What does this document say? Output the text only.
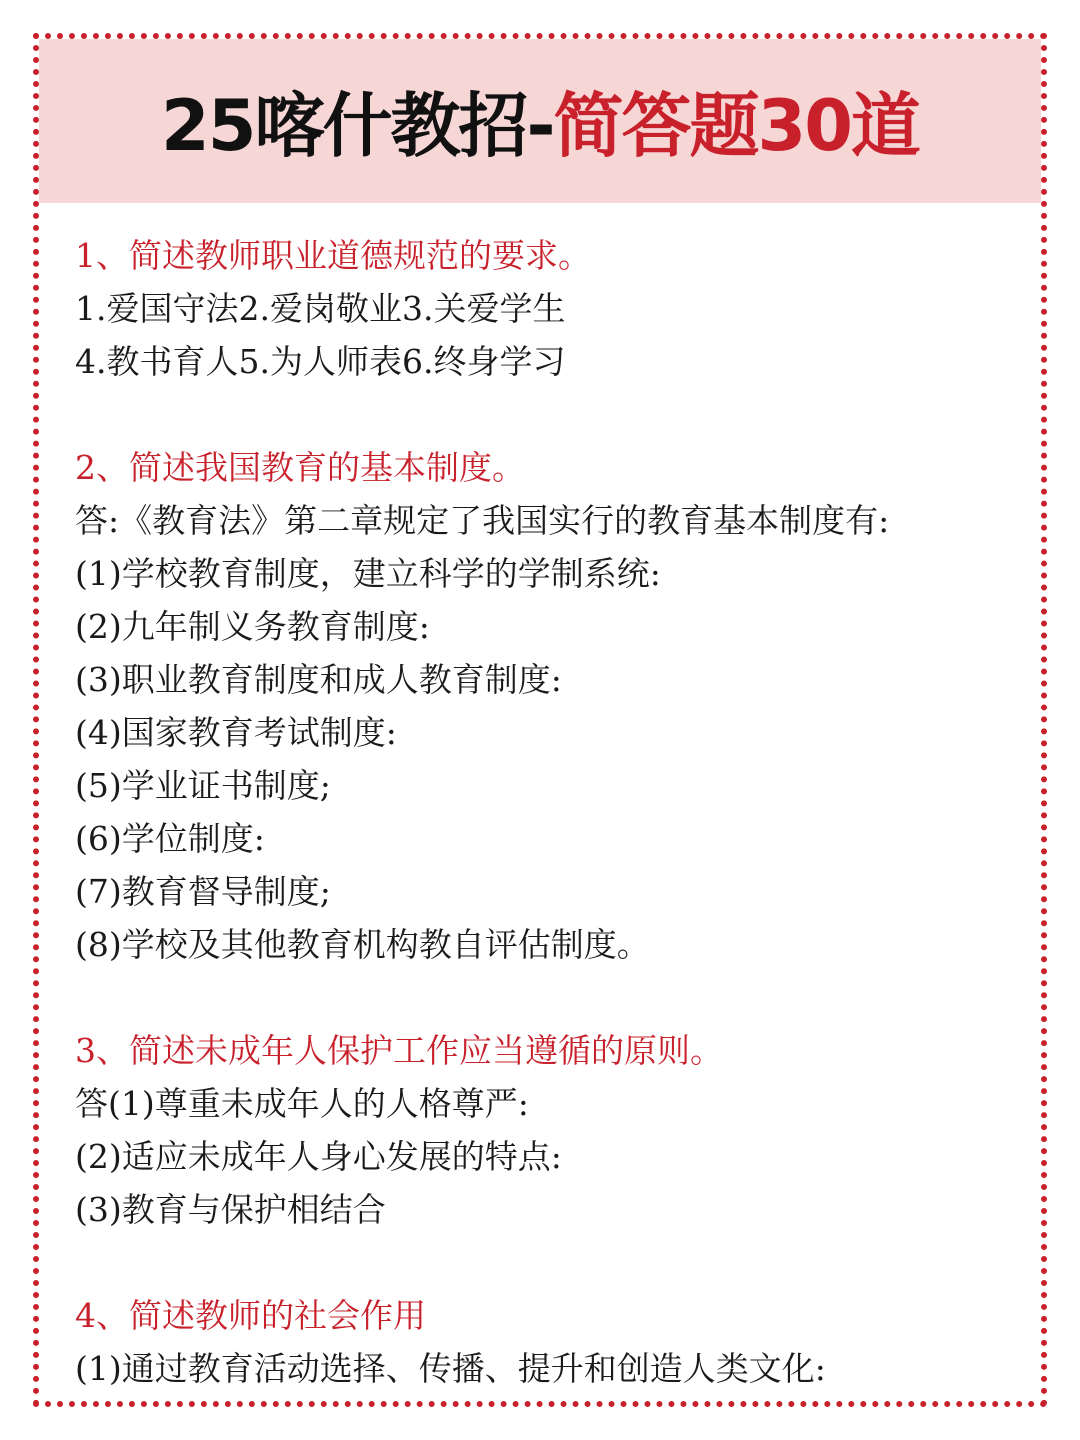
25喀什教招-简答题30道
1、简述教师职业道德规范的要求。
1.爱国守法2.爱岗敬业3.关爱学生
4.教书育人5.为人师表6.终身学习
2、简述我国教育的基本制度。
答:《教育法》第二章规定了我国实行的教育基本制度有:
(1)学校教育制度，建立科学的学制系统:
(2)九年制义务教育制度:
(3)职业教育制度和成人教育制度:
(4)国家教育考试制度:
(5)学业证书制度;
(6)学位制度:
(7)教育督导制度;
(8)学校及其他教育机构教自评估制度。
3、简述未成年人保护工作应当遵循的原则。
答(1)尊重未成年人的人格尊严:
(2)适应未成年人身心发展的特点:
(3)教育与保护相结合
4、简述教师的社会作用
(1)通过教育活动选择、传播、提升和创造人类文化:
